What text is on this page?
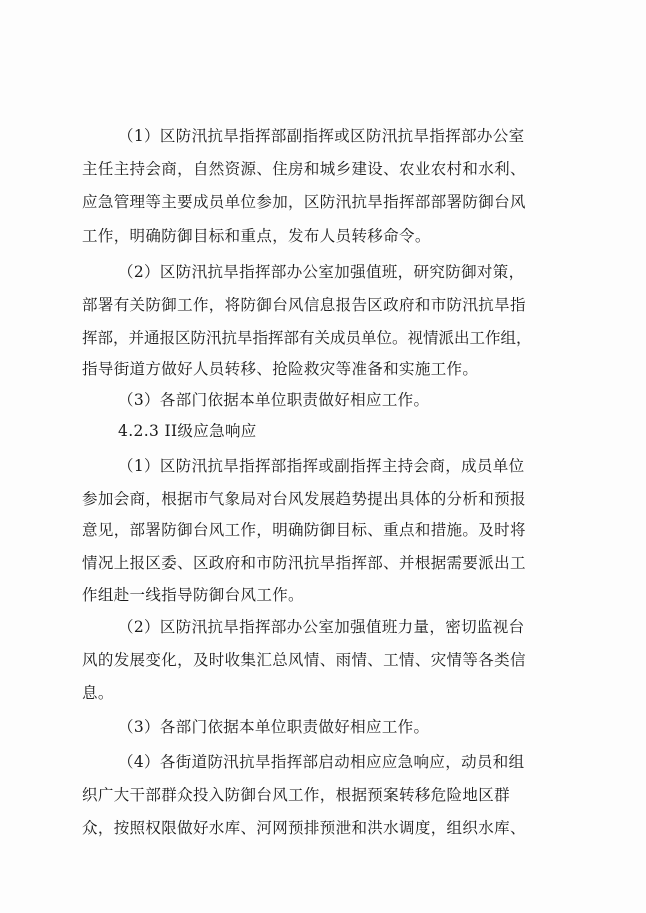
（1）区防汛抗旱指挥部副指挥或区防汛抗旱指挥部办公室
主任主持会商，自然资源、住房和城乡建设、农业农村和水利、
应急管理等主要成员单位参加，区防汛抗旱指挥部部署防御台风
工作，明确防御目标和重点，发布人员转移命令。
（2）区防汛抗旱指挥部办公室加强值班，研究防御对策，
部署有关防御工作，将防御台风信息报告区政府和市防汛抗旱指
挥部，并通报区防汛抗旱指挥部有关成员单位。视情派出工作组，
指导街道方做好人员转移、抢险救灾等准备和实施工作。
（3）各部门依据本单位职责做好相应工作。
4.2.3 II级应急响应
（1）区防汛抗旱指挥部指挥或副指挥主持会商，成员单位
参加会商，根据市气象局对台风发展趋势提出具体的分析和预报
意见，部署防御台风工作，明确防御目标、重点和措施。及时将
情况上报区委、区政府和市防汛抗旱指挥部、并根据需要派出工
作组赴一线指导防御台风工作。
（2）区防汛抗旱指挥部办公室加强值班力量，密切监视台
风的发展变化，及时收集汇总风情、雨情、工情、灾情等各类信
息。
（3）各部门依据本单位职责做好相应工作。
（4）各街道防汛抗旱指挥部启动相应应急响应，动员和组
织广大干部群众投入防御台风工作，根据预案转移危险地区群
众，按照权限做好水库、河网预排预泄和洪水调度，组织水库、
